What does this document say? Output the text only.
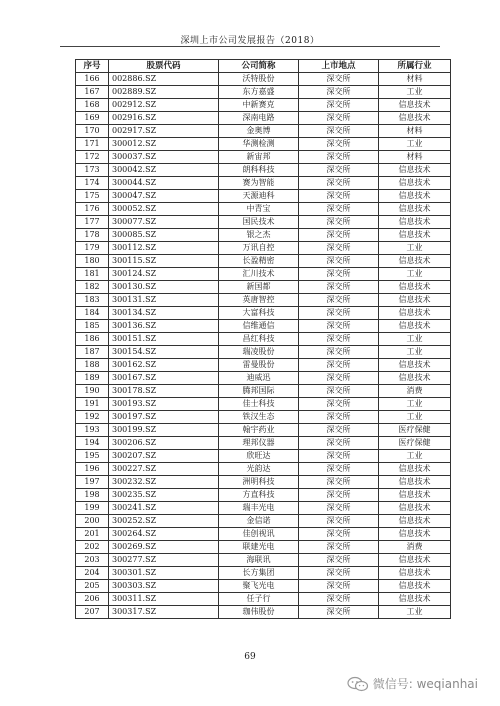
深圳上市公司发展报告（2018）
序号	股票代码	公司简称	上市地点	所属行业
166	002886.SZ	沃特股份	深交所	材料
167	002889.SZ	东方嘉盛	深交所	工业
168	002912.SZ	中新赛克	深交所	信息技术
169	002916.SZ	深南电路	深交所	信息技术
170	002917.SZ	金奥博	深交所	材料
171	300012.SZ	华测检测	深交所	工业
172	300037.SZ	新宙邦	深交所	材料
173	300042.SZ	朗科科技	深交所	信息技术
174	300044.SZ	赛为智能	深交所	信息技术
175	300047.SZ	天源迪科	深交所	信息技术
176	300052.SZ	中青宝	深交所	信息技术
177	300077.SZ	国民技术	深交所	信息技术
178	300085.SZ	银之杰	深交所	信息技术
179	300112.SZ	万讯自控	深交所	工业
180	300115.SZ	长盈精密	深交所	信息技术
181	300124.SZ	汇川技术	深交所	工业
182	300130.SZ	新国都	深交所	信息技术
183	300131.SZ	英唐智控	深交所	信息技术
184	300134.SZ	大富科技	深交所	信息技术
185	300136.SZ	信维通信	深交所	信息技术
186	300151.SZ	昌红科技	深交所	工业
187	300154.SZ	瑞凌股份	深交所	工业
188	300162.SZ	雷曼股份	深交所	信息技术
189	300167.SZ	迪威迅	深交所	信息技术
190	300178.SZ	腾邦国际	深交所	消费
191	300193.SZ	佳士科技	深交所	工业
192	300197.SZ	铁汉生态	深交所	工业
193	300199.SZ	翰宇药业	深交所	医疗保健
194	300206.SZ	理邦仪器	深交所	医疗保健
195	300207.SZ	欣旺达	深交所	工业
196	300227.SZ	光韵达	深交所	信息技术
197	300232.SZ	洲明科技	深交所	信息技术
198	300235.SZ	方直科技	深交所	信息技术
199	300241.SZ	瑞丰光电	深交所	信息技术
200	300252.SZ	金信诺	深交所	信息技术
201	300264.SZ	佳创视讯	深交所	信息技术
202	300269.SZ	联建光电	深交所	消费
203	300277.SZ	海联讯	深交所	信息技术
204	300301.SZ	长方集团	深交所	信息技术
205	300303.SZ	聚飞光电	深交所	信息技术
206	300311.SZ	任子行	深交所	信息技术
207	300317.SZ	珈伟股份	深交所	工业
69
微信号: weqianhai
